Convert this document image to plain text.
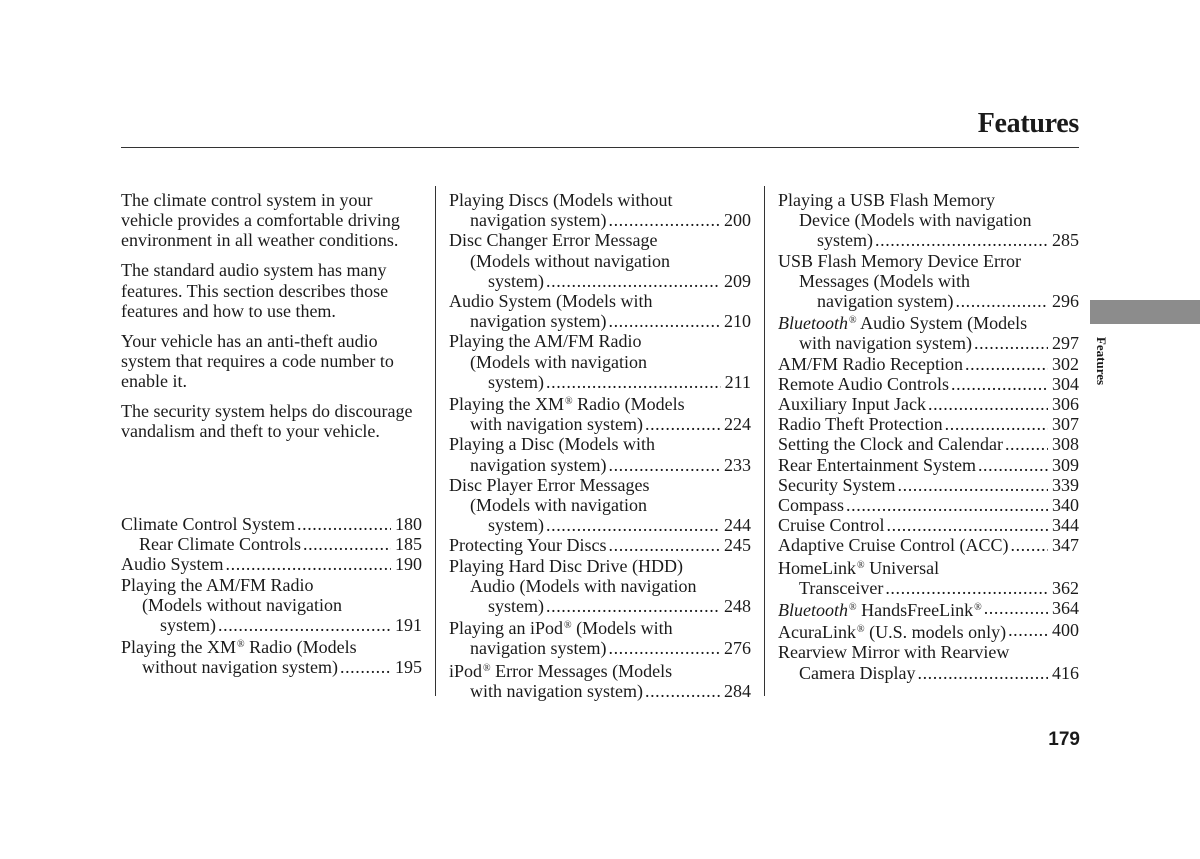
Features

The climate control system in your vehicle provides a comfortable driving environment in all weather conditions.

The standard audio system has many features. This section describes those features and how to use them.

Your vehicle has an anti-theft audio system that requires a code number to enable it.

The security system helps do discourage vandalism and theft to your vehicle.

Climate Control System .....	180
Rear Climate Controls .....	185
Audio System .....	190
Playing the AM/FM Radio
(Models without navigation
system) .....	191
Playing the XM® Radio (Models
without navigation system) .....	195
Playing Discs (Models without
navigation system) .....	200
Disc Changer Error Message
(Models without navigation
system) .....	209
Audio System (Models with
navigation system) .....	210
Playing the AM/FM Radio
(Models with navigation
system) .....	211
Playing the XM® Radio (Models
with navigation system) .....	224
Playing a Disc (Models with
navigation system) .....	233
Disc Player Error Messages
(Models with navigation
system) .....	244
Protecting Your Discs .....	245
Playing Hard Disc Drive (HDD)
Audio (Models with navigation
system) .....	248
Playing an iPod® (Models with
navigation system) .....	276
iPod® Error Messages (Models
with navigation system) .....	284
Playing a USB Flash Memory
Device (Models with navigation
system) .....	285
USB Flash Memory Device Error
Messages (Models with
navigation system) .....	296
Bluetooth® Audio System (Models
with navigation system) .....	297
AM/FM Radio Reception .....	302
Remote Audio Controls .....	304
Auxiliary Input Jack .....	306
Radio Theft Protection .....	307
Setting the Clock and Calendar .....	308
Rear Entertainment System .....	309
Security System .....	339
Compass .....	340
Cruise Control .....	344
Adaptive Cruise Control (ACC) ..... 347
HomeLink® Universal
Transceiver .....	362
Bluetooth® HandsFreeLink® .....	364
AcuraLink® (U.S. models only) .....	400
Rearview Mirror with Rearview
Camera Display .....	416
Features
179
